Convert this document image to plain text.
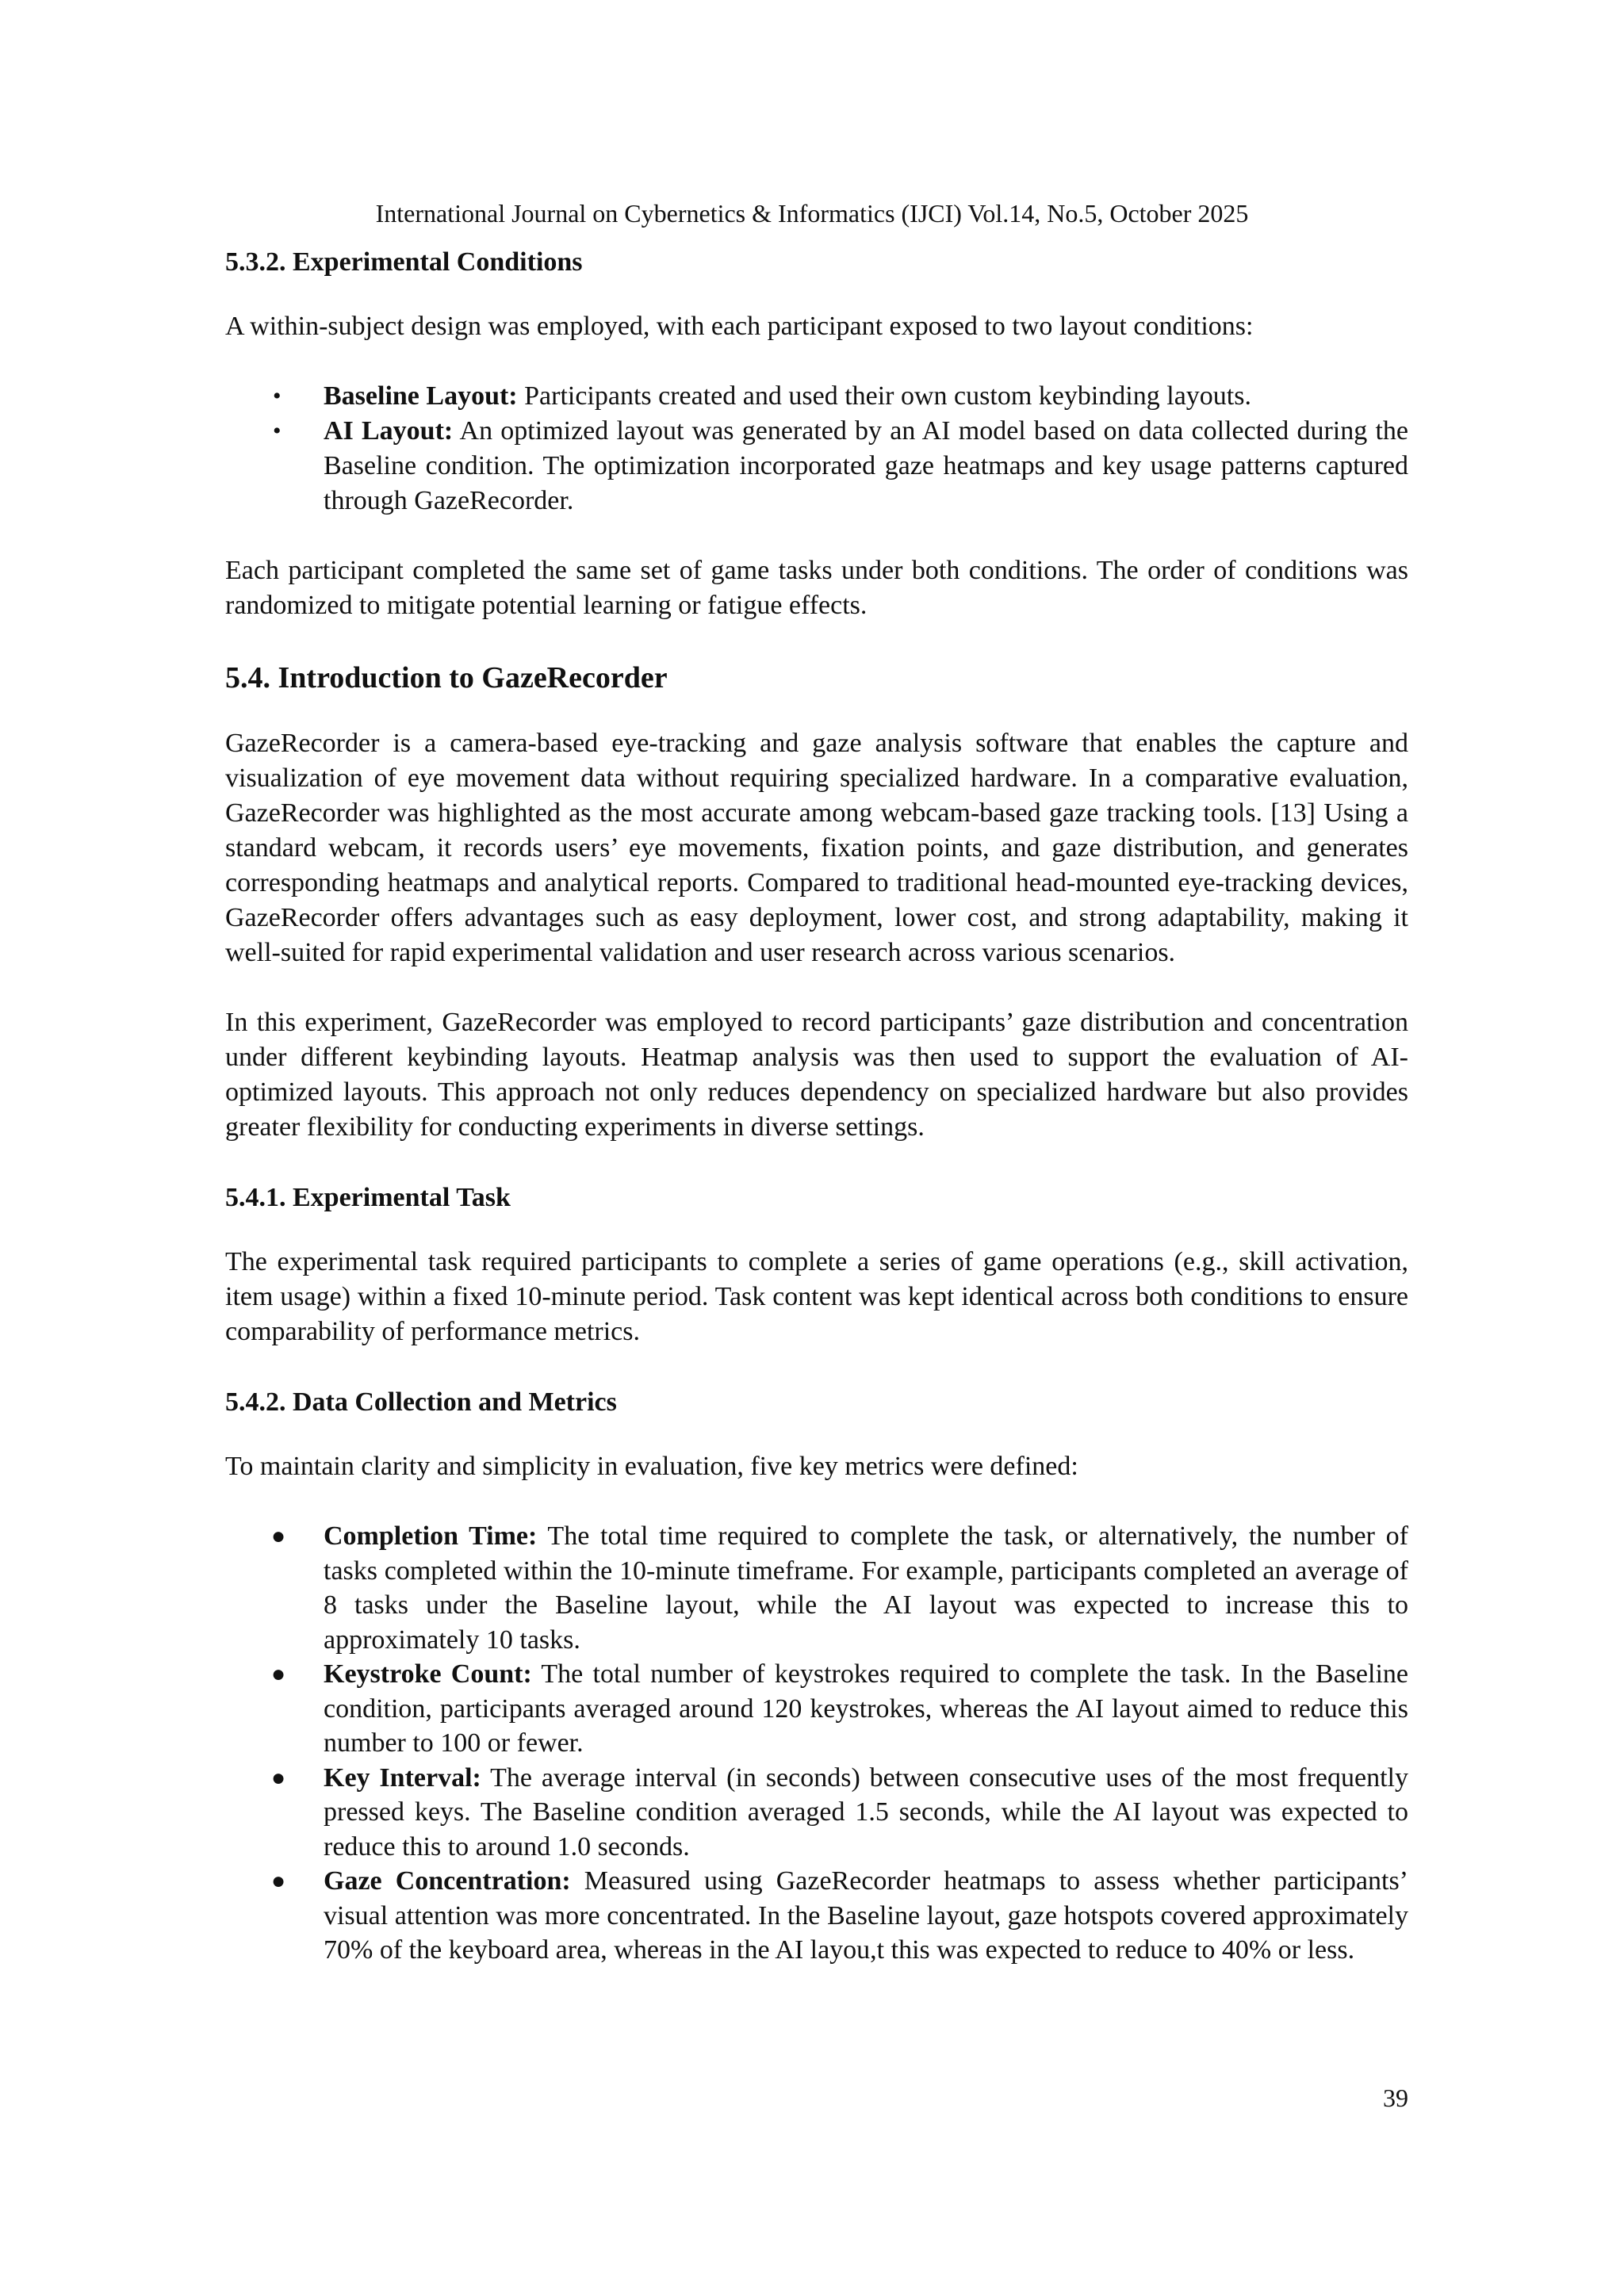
International Journal on Cybernetics & Informatics (IJCI) Vol.14, No.5, October 2025
5.3.2. Experimental Conditions

A within-subject design was employed, with each participant exposed to two layout conditions:

• Baseline Layout: Participants created and used their own custom keybinding layouts.
• AI Layout: An optimized layout was generated by an AI model based on data collected during the Baseline condition. The optimization incorporated gaze heatmaps and key usage patterns captured through GazeRecorder.

Each participant completed the same set of game tasks under both conditions. The order of conditions was randomized to mitigate potential learning or fatigue effects.

5.4. Introduction to GazeRecorder

GazeRecorder is a camera-based eye-tracking and gaze analysis software that enables the capture and visualization of eye movement data without requiring specialized hardware. In a comparative evaluation, GazeRecorder was highlighted as the most accurate among webcam-based gaze tracking tools. [13] Using a standard webcam, it records users’ eye movements, fixation points, and gaze distribution, and generates corresponding heatmaps and analytical reports. Compared to traditional head-mounted eye-tracking devices, GazeRecorder offers advantages such as easy deployment, lower cost, and strong adaptability, making it well-suited for rapid experimental validation and user research across various scenarios.

In this experiment, GazeRecorder was employed to record participants’ gaze distribution and concentration under different keybinding layouts. Heatmap analysis was then used to support the evaluation of AI-optimized layouts. This approach not only reduces dependency on specialized hardware but also provides greater flexibility for conducting experiments in diverse settings.

5.4.1. Experimental Task

The experimental task required participants to complete a series of game operations (e.g., skill activation, item usage) within a fixed 10-minute period. Task content was kept identical across both conditions to ensure comparability of performance metrics.

5.4.2. Data Collection and Metrics

To maintain clarity and simplicity in evaluation, five key metrics were defined:

● Completion Time: The total time required to complete the task, or alternatively, the number of tasks completed within the 10-minute timeframe. For example, participants completed an average of 8 tasks under the Baseline layout, while the AI layout was expected to increase this to approximately 10 tasks.
● Keystroke Count: The total number of keystrokes required to complete the task. In the Baseline condition, participants averaged around 120 keystrokes, whereas the AI layout aimed to reduce this number to 100 or fewer.
● Key Interval: The average interval (in seconds) between consecutive uses of the most frequently pressed keys. The Baseline condition averaged 1.5 seconds, while the AI layout was expected to reduce this to around 1.0 seconds.
● Gaze Concentration: Measured using GazeRecorder heatmaps to assess whether participants’ visual attention was more concentrated. In the Baseline layout, gaze hotspots covered approximately 70% of the keyboard area, whereas in the AI layou,t this was expected to reduce to 40% or less.
39
